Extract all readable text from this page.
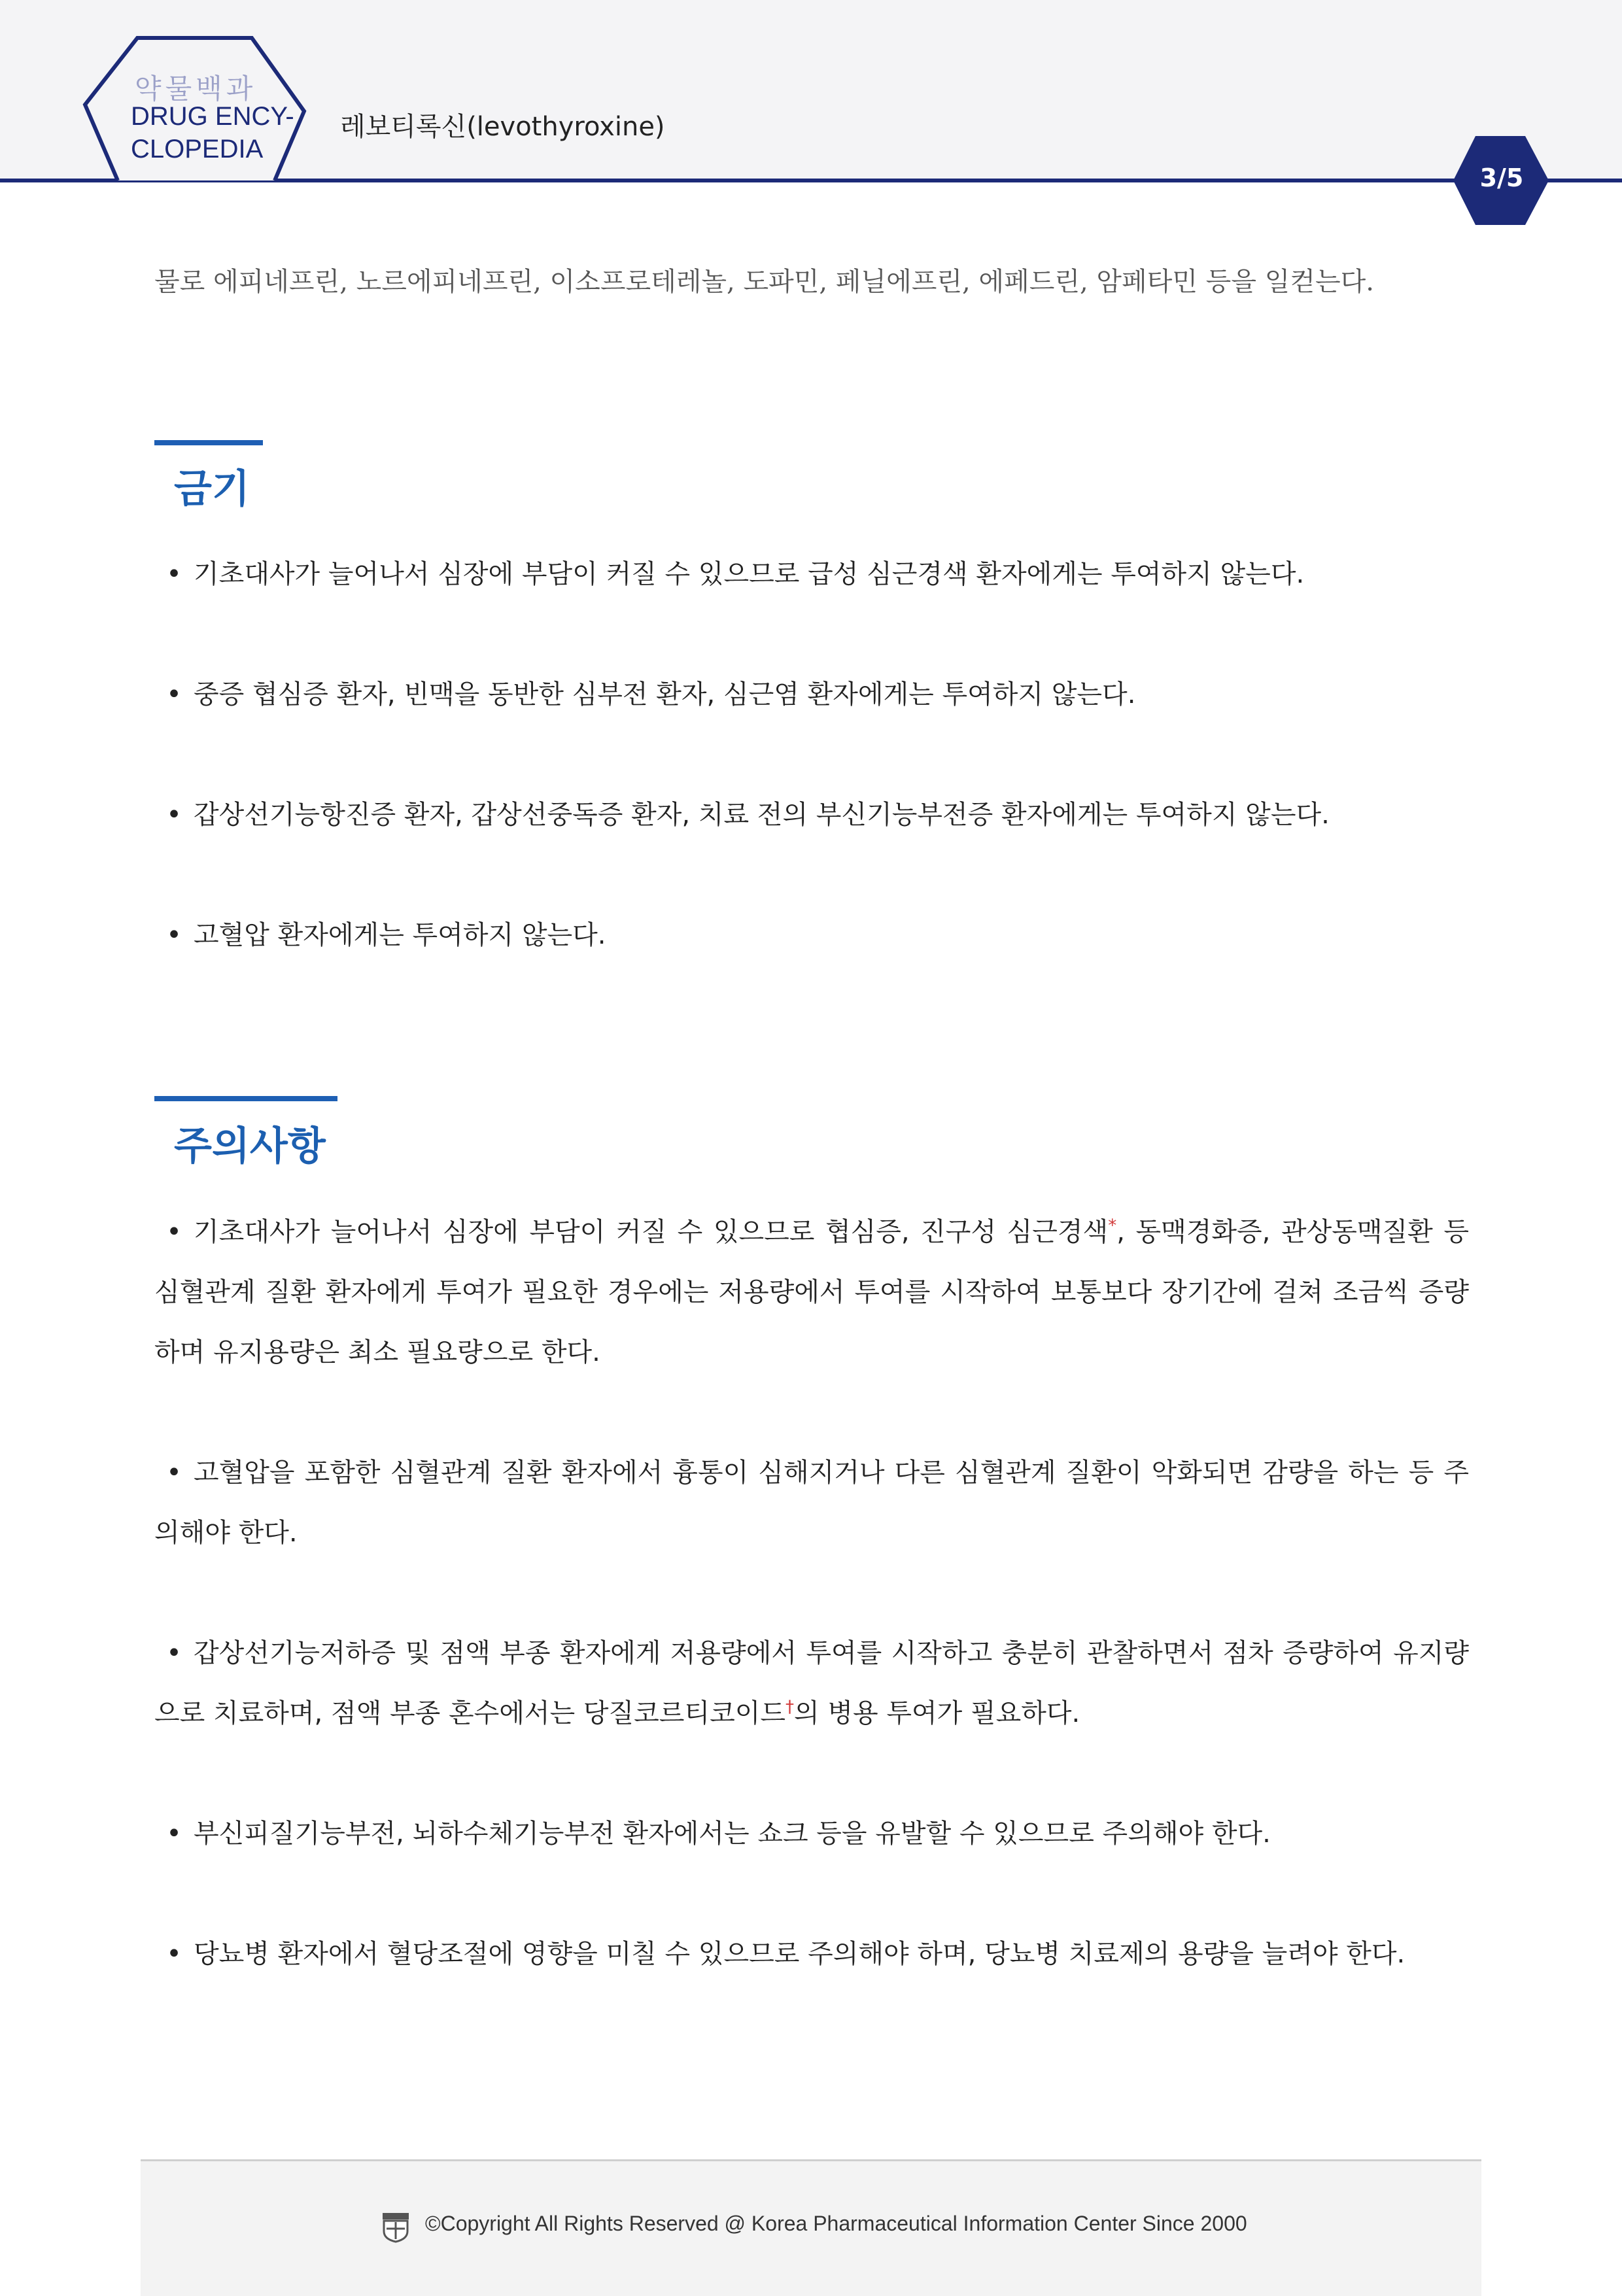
약물백과
DRUG ENCY-
CLOPEDIA
레보티록신(levothyroxine)
3/5
물로 에피네프린, 노르에피네프린, 이소프로테레놀, 도파민, 페닐에프린, 에페드린, 암페타민 등을 일컫는다.
금기
• 기초대사가 늘어나서 심장에 부담이 커질 수 있으므로 급성 심근경색 환자에게는 투여하지 않는다.
• 중증 협심증 환자, 빈맥을 동반한 심부전 환자, 심근염 환자에게는 투여하지 않는다.
• 갑상선기능항진증 환자, 갑상선중독증 환자, 치료 전의 부신기능부전증 환자에게는 투여하지 않는다.
• 고혈압 환자에게는 투여하지 않는다.
주의사항
• 기초대사가 늘어나서 심장에 부담이 커질 수 있으므로 협심증, 진구성 심근경색*, 동맥경화증, 관상동맥질환 등 심혈관계 질환 환자에게 투여가 필요한 경우에는 저용량에서 투여를 시작하여 보통보다 장기간에 걸쳐 조금씩 증량하며 유지용량은 최소 필요량으로 한다.
• 고혈압을 포함한 심혈관계 질환 환자에서 흉통이 심해지거나 다른 심혈관계 질환이 악화되면 감량을 하는 등 주의해야 한다.
• 갑상선기능저하증 및 점액 부종 환자에게 저용량에서 투여를 시작하고 충분히 관찰하면서 점차 증량하여 유지량으로 치료하며, 점액 부종 혼수에서는 당질코르티코이드†의 병용 투여가 필요하다.
• 부신피질기능부전, 뇌하수체기능부전 환자에서는 쇼크 등을 유발할 수 있으므로 주의해야 한다.
• 당뇨병 환자에서 혈당조절에 영향을 미칠 수 있으므로 주의해야 하며, 당뇨병 치료제의 용량을 늘려야 한다.
©Copyright All Rights Reserved @ Korea Pharmaceutical Information Center Since 2000
